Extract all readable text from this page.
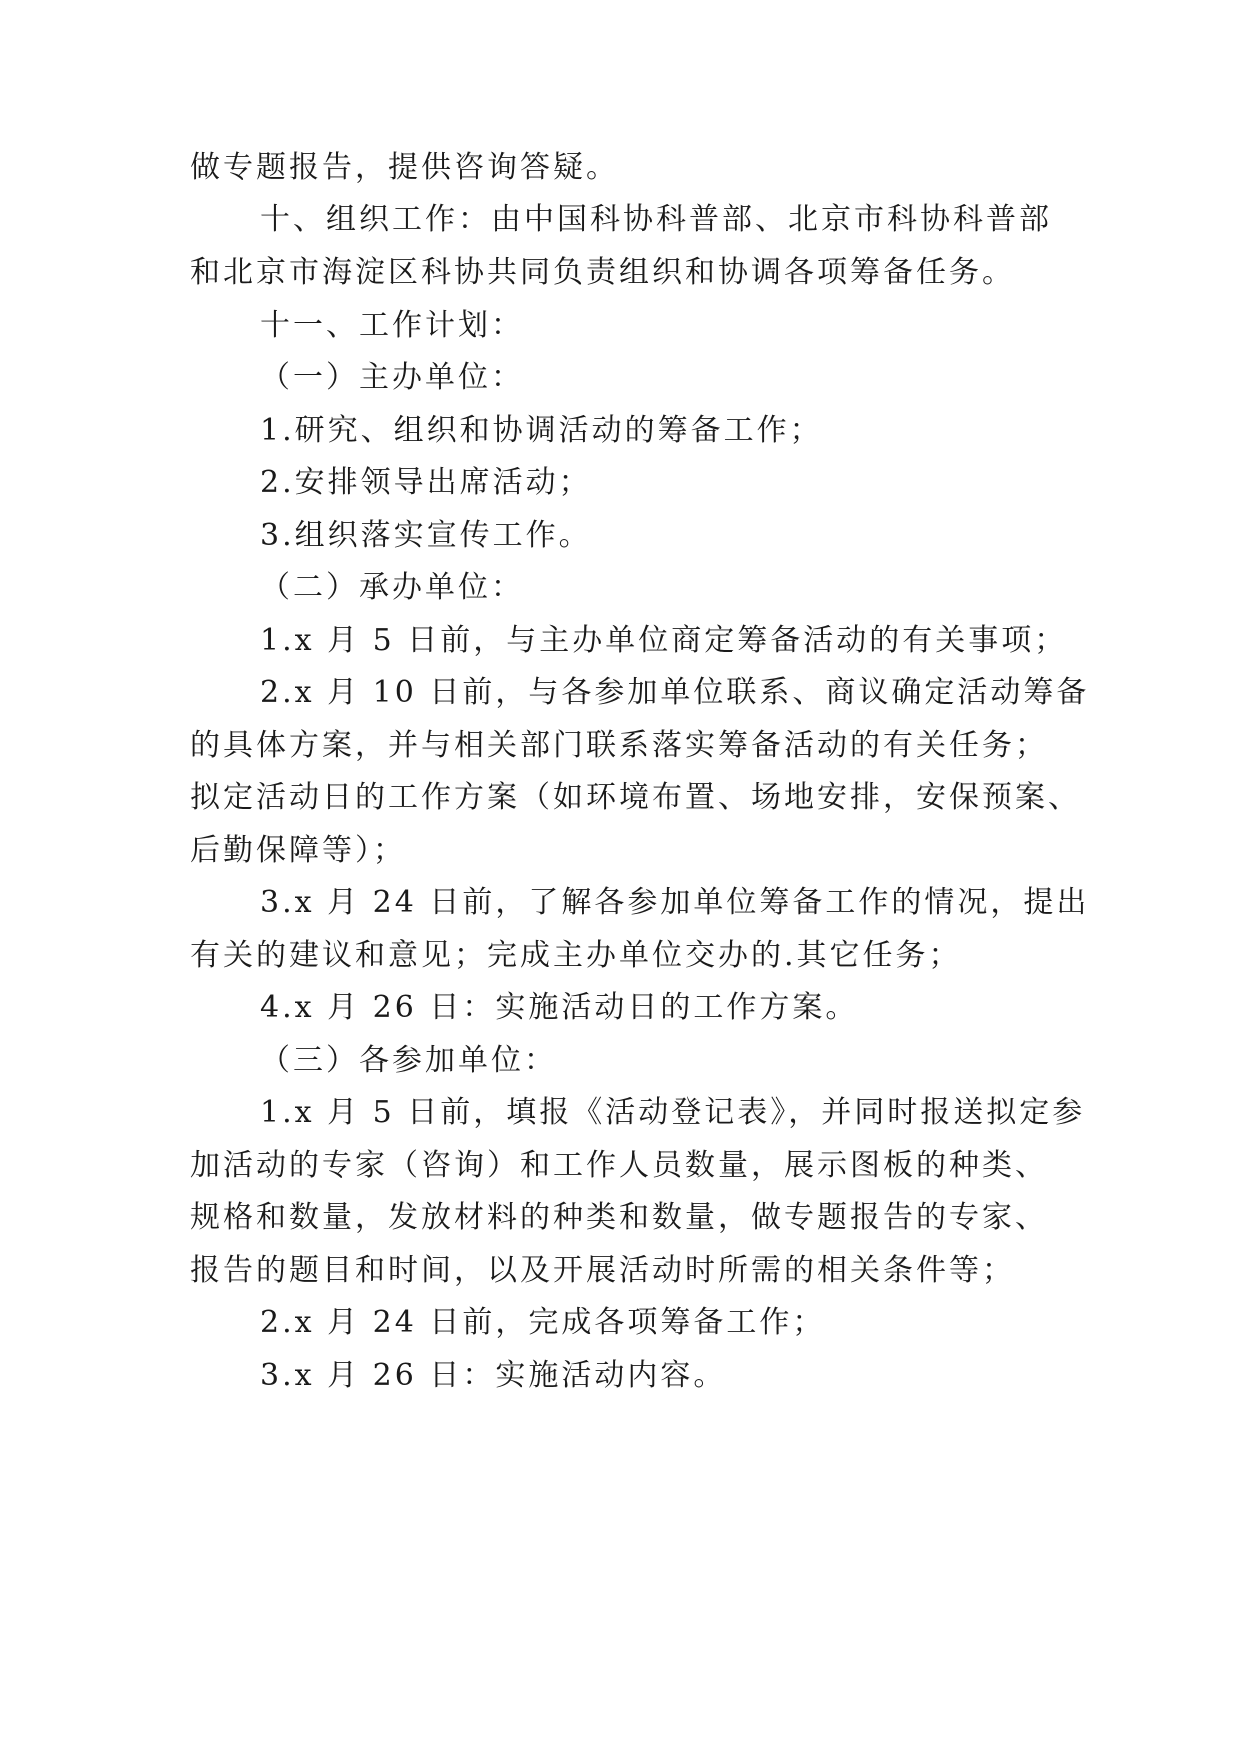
做专题报告，提供咨询答疑。
十、组织工作：由中国科协科普部、北京市科协科普部
和北京市海淀区科协共同负责组织和协调各项筹备任务。
十一、工作计划：
（一）主办单位：
1.研究、组织和协调活动的筹备工作；
2.安排领导出席活动；
3.组织落实宣传工作。
（二）承办单位：
1.x 月 5 日前，与主办单位商定筹备活动的有关事项；
2.x 月 10 日前，与各参加单位联系、商议确定活动筹备
的具体方案，并与相关部门联系落实筹备活动的有关任务；
拟定活动日的工作方案（如环境布置、场地安排，安保预案、
后勤保障等）；
3.x 月 24 日前，了解各参加单位筹备工作的情况，提出
有关的建议和意见；完成主办单位交办的.其它任务；
4.x 月 26 日：实施活动日的工作方案。
（三）各参加单位：
1.x 月 5 日前，填报《活动登记表》，并同时报送拟定参
加活动的专家（咨询）和工作人员数量，展示图板的种类、
规格和数量，发放材料的种类和数量，做专题报告的专家、
报告的题目和时间，以及开展活动时所需的相关条件等；
2.x 月 24 日前，完成各项筹备工作；
3.x 月 26 日：实施活动内容。
